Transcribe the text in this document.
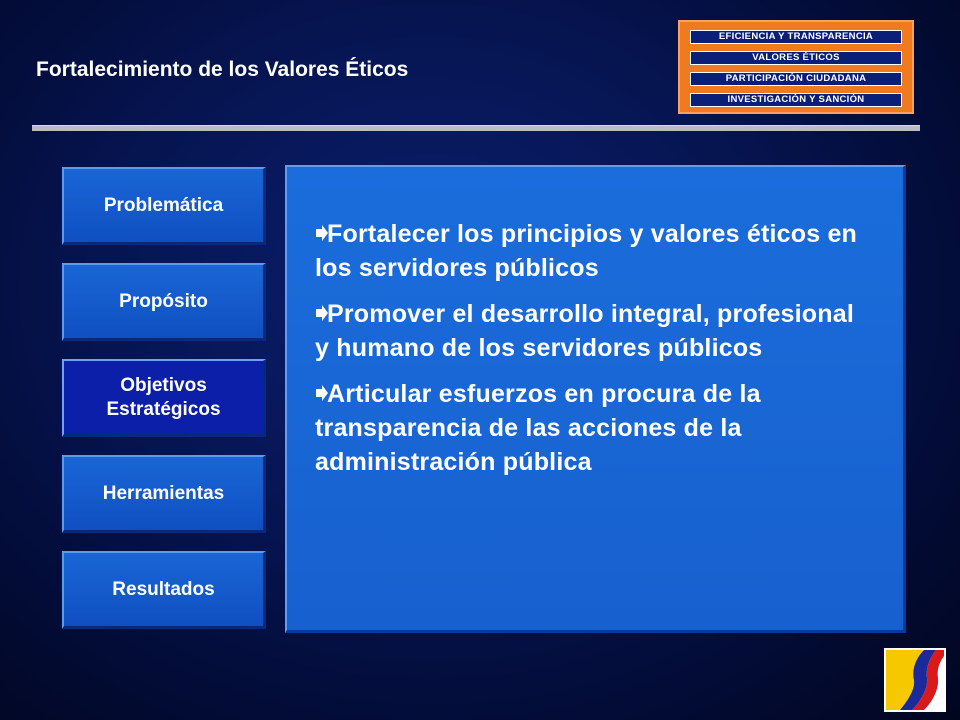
Fortalecimiento de los Valores Éticos
EFICIENCIA Y TRANSPARENCIA
VALORES ÉTICOS
PARTICIPACIÓN CIUDADANA
INVESTIGACIÓN Y SANCIÓN
Problemática
Propósito
Objetivos
Estratégicos
Herramientas
Resultados
Fortalecer los principios y valores éticos en los servidores públicos
Promover el desarrollo integral, profesional y humano de los servidores públicos
Articular esfuerzos en procura de la transparencia de las acciones de la administración pública
